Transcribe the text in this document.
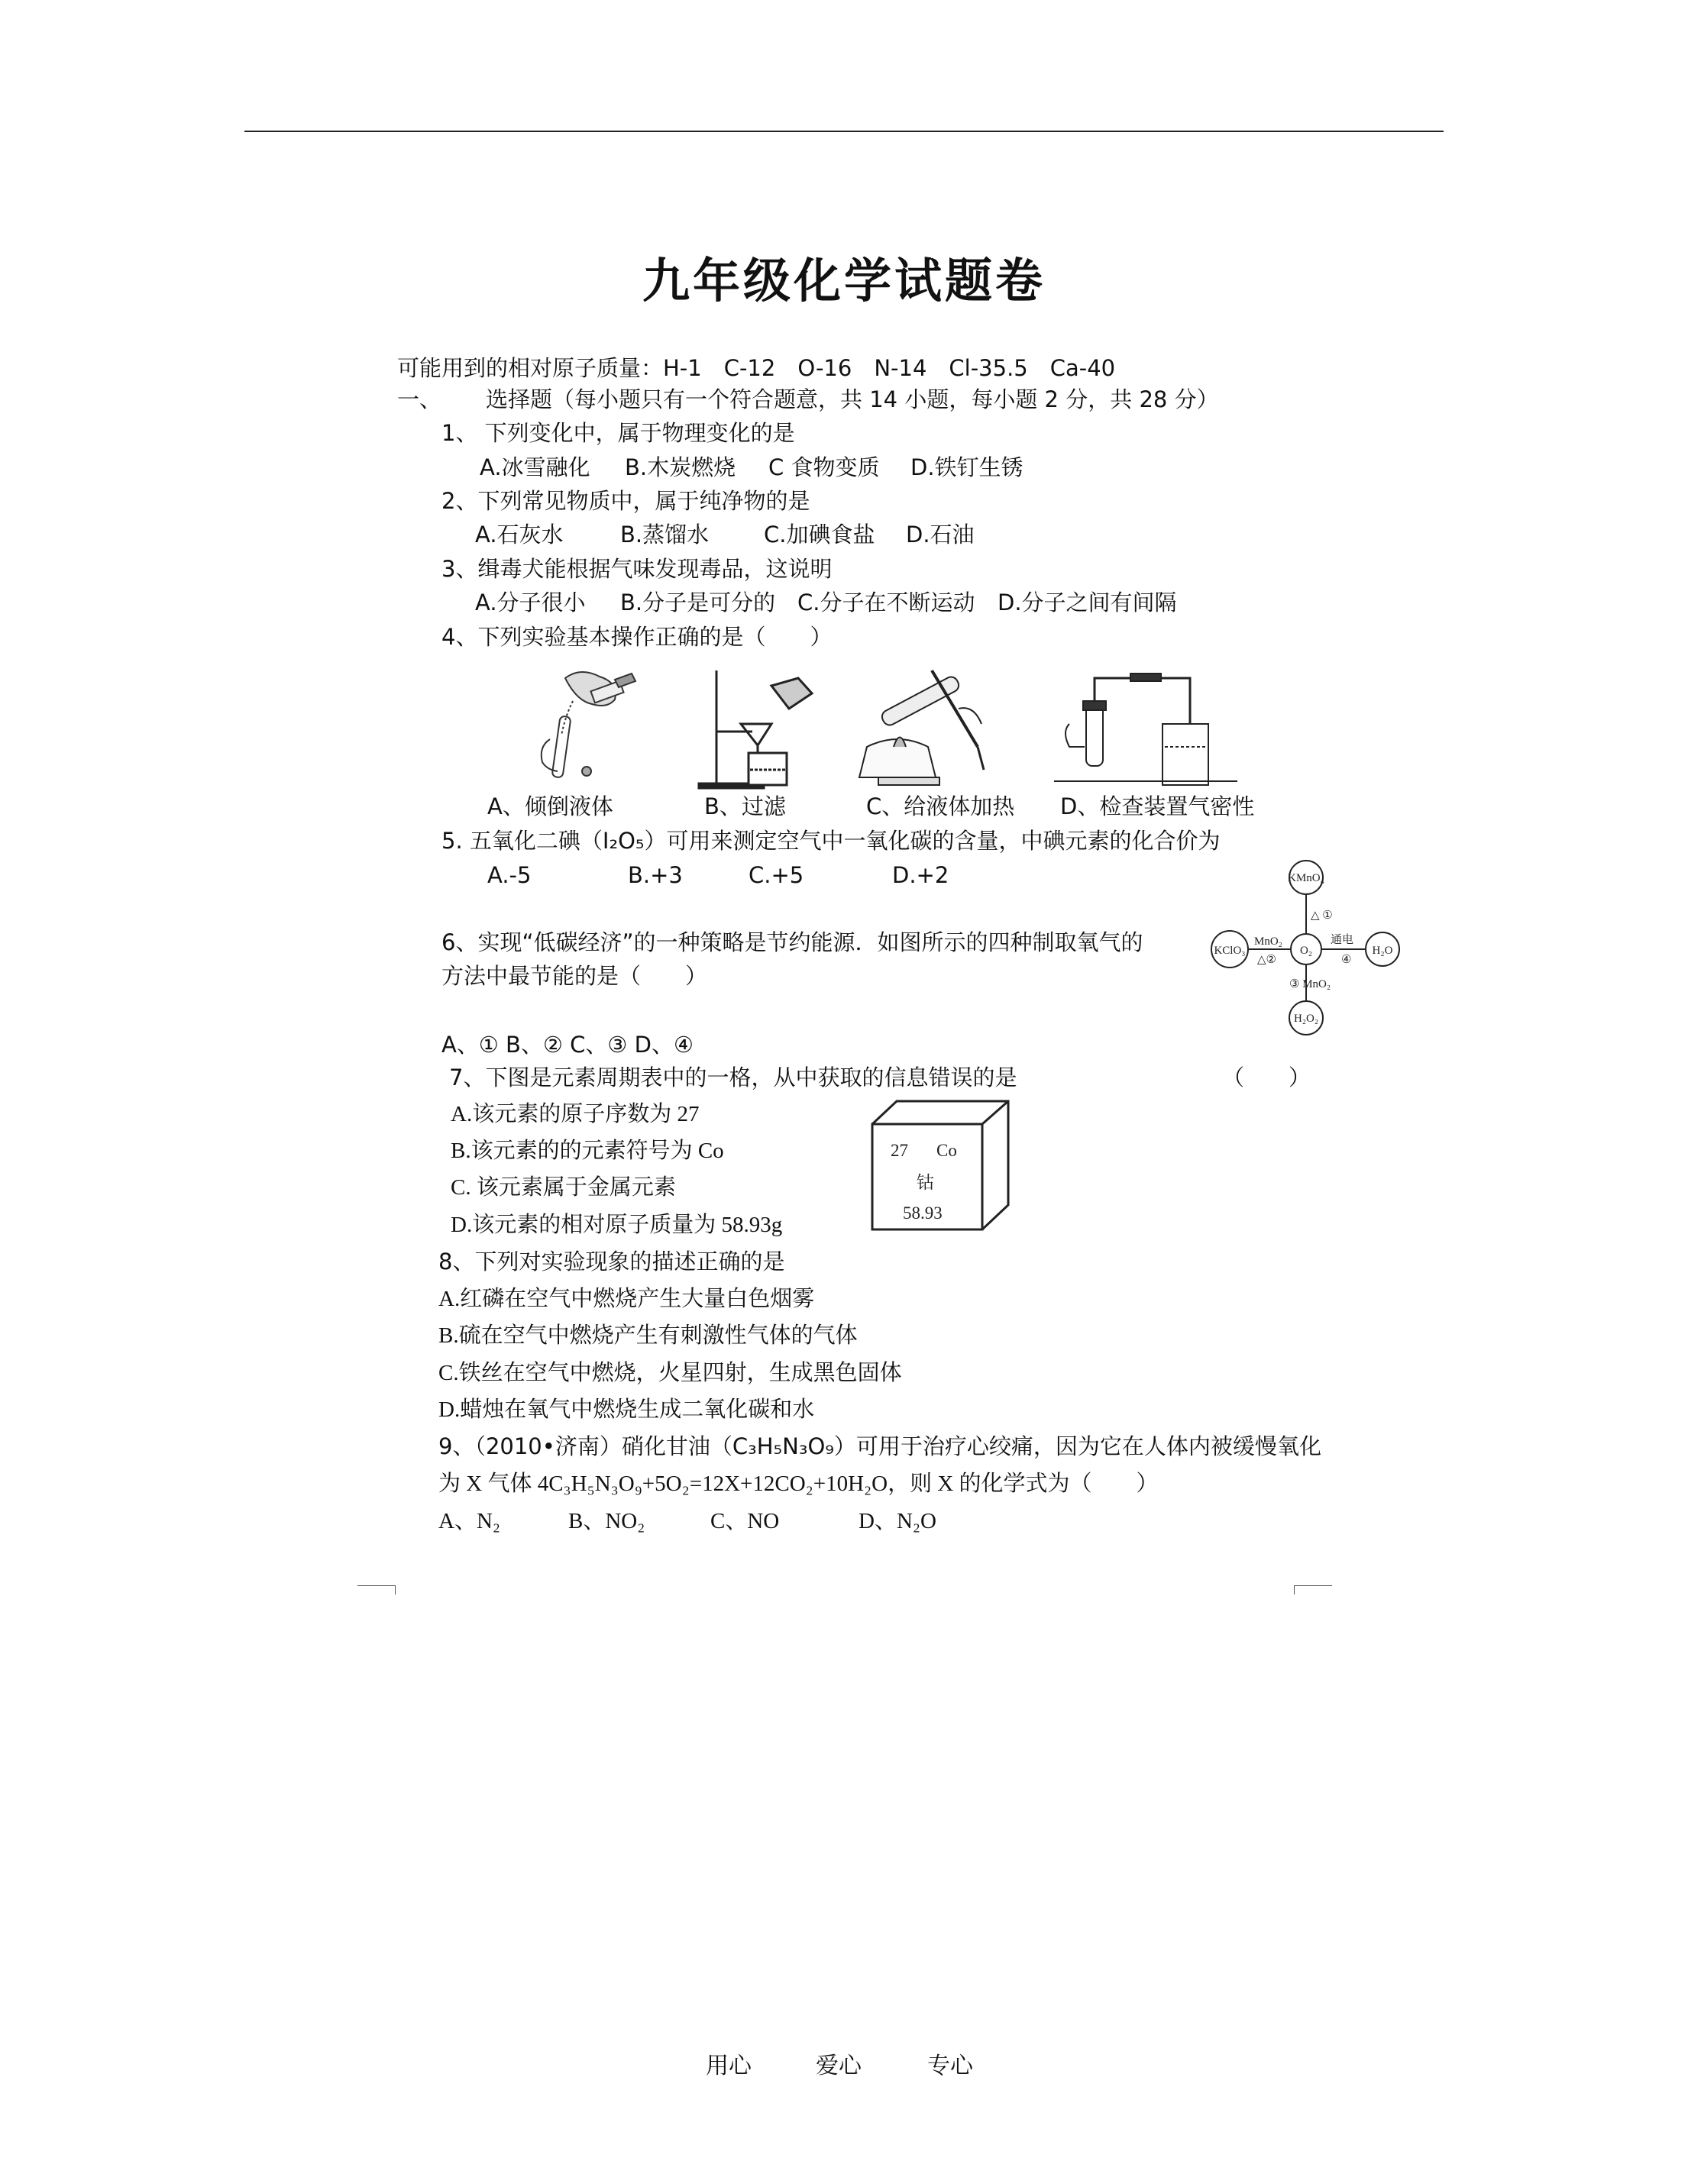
九年级化学试题卷
可能用到的相对原子质量：H-1　C-12　O-16　N-14　Cl-35.5　Ca-40
一、 选择题（每小题只有一个符合题意，共 14 小题，每小题 2 分，共 28 分）
1、 下列变化中，属于物理变化的是
A.冰雪融化 B.木炭燃烧 C 食物变质 D.铁钉生锈
2、下列常见物质中，属于纯净物的是
A.石灰水	B.蒸馏水 C.加碘食盐 D.石油
3、缉毒犬能根据气味发现毒品，这说明
A.分子很小 B.分子是可分的 C.分子在不断运动 D.分子之间有间隔
4、下列实验基本操作正确的是（　　）
A、倾倒液体	B、过滤	C、给液体加热 D、检查装置气密性
5. 五氧化二碘（I₂O₅）可用来测定空气中一氧化碳的含量，中碘元素的化合价为
A.-5	B.+3	C.+5	D.+2
6、实现“低碳经济”的一种策略是节约能源．如图所示的四种制取氧气的
方法中最节能的是（　　）
A、① B、② C、③ D、④
KMnO₄
O₂
KClO₃	H₂O
H₂O₂
△ ①
MnO₂
△②
通电
④
③ MnO₂
7、下图是元素周期表中的一格，从中获取的信息错误的是	（　　）
A.该元素的原子序数为 27
B.该元素的的元素符号为 Co
C. 该元素属于金属元素
D.该元素的相对原子质量为 58.93g
27 Co
钴
58.93
8、下列对实验现象的描述正确的是
A.红磷在空气中燃烧产生大量白色烟雾
B.硫在空气中燃烧产生有刺激性气体的气体
C.铁丝在空气中燃烧，火星四射，生成黑色固体
D.蜡烛在氧气中燃烧生成二氧化碳和水
9、（2010•济南）硝化甘油（C₃H₅N₃O₉）可用于治疗心绞痛，因为它在人体内被缓慢氧化
为 X 气体 4C₃H₅N₃O₉+5O₂=12X+12CO₂+10H₂O，则 X 的化学式为（　　）
A、N₂	B、NO₂	C、NO	D、N₂O
用心	爱心	专心
